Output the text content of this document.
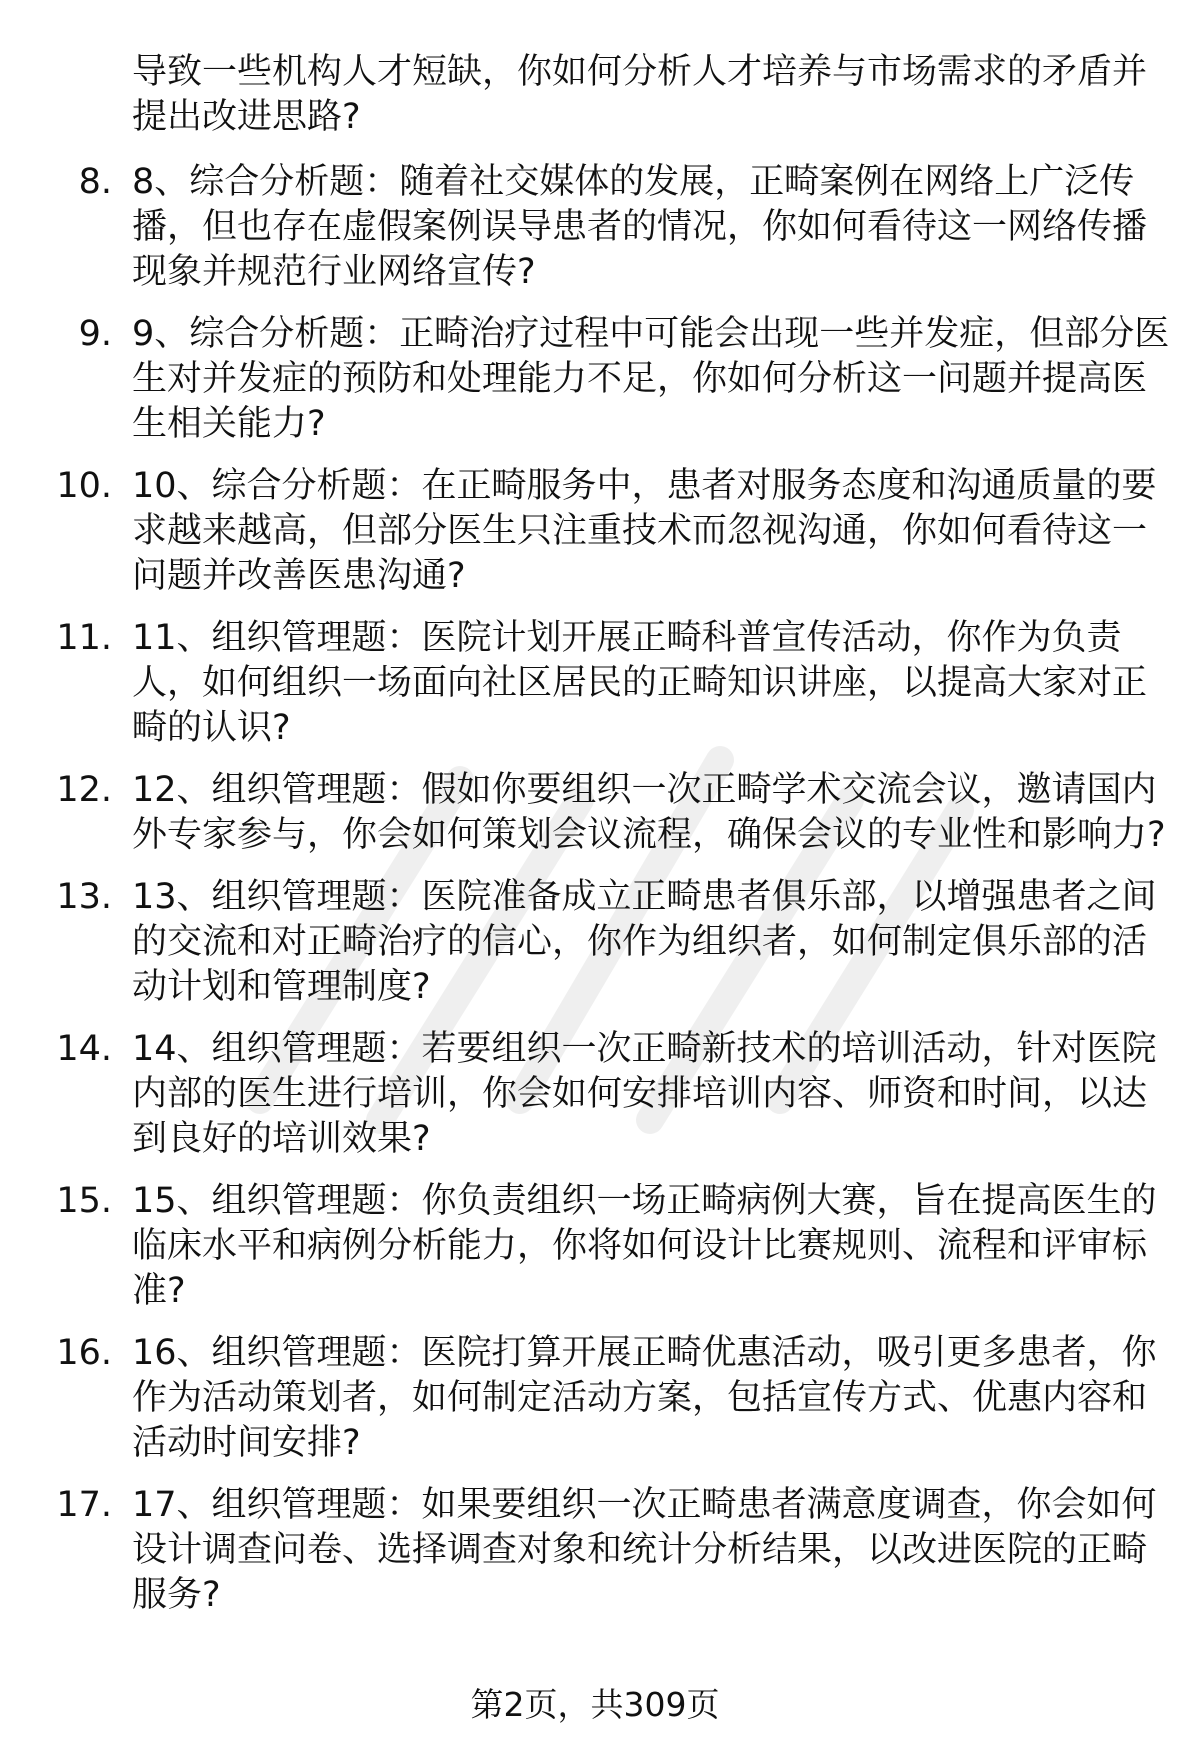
导致一些机构人才短缺，你如何分析人才培养与市场需求的矛盾并提出改进思路?
8. 8、综合分析题：随着社交媒体的发展，正畸案例在网络上广泛传播，但也存在虚假案例误导患者的情况，你如何看待这一网络传播现象并规范行业网络宣传?
9. 9、综合分析题：正畸治疗过程中可能会出现一些并发症，但部分医生对并发症的预防和处理能力不足，你如何分析这一问题并提高医生相关能力?
10. 10、综合分析题：在正畸服务中，患者对服务态度和沟通质量的要求越来越高，但部分医生只注重技术而忽视沟通，你如何看待这一问题并改善医患沟通?
11. 11、组织管理题：医院计划开展正畸科普宣传活动，你作为负责人，如何组织一场面向社区居民的正畸知识讲座，以提高大家对正畸的认识?
12. 12、组织管理题：假如你要组织一次正畸学术交流会议，邀请国内外专家参与，你会如何策划会议流程，确保会议的专业性和影响力?
13. 13、组织管理题：医院准备成立正畸患者俱乐部，以增强患者之间的交流和对正畸治疗的信心，你作为组织者，如何制定俱乐部的活动计划和管理制度?
14. 14、组织管理题：若要组织一次正畸新技术的培训活动，针对医院内部的医生进行培训，你会如何安排培训内容、师资和时间，以达到良好的培训效果?
15. 15、组织管理题：你负责组织一场正畸病例大赛，旨在提高医生的临床水平和病例分析能力，你将如何设计比赛规则、流程和评审标准?
16. 16、组织管理题：医院打算开展正畸优惠活动，吸引更多患者，你作为活动策划者，如何制定活动方案，包括宣传方式、优惠内容和活动时间安排?
17. 17、组织管理题：如果要组织一次正畸患者满意度调查，你会如何设计调查问卷、选择调查对象和统计分析结果，以改进医院的正畸服务?
第2页，共309页
